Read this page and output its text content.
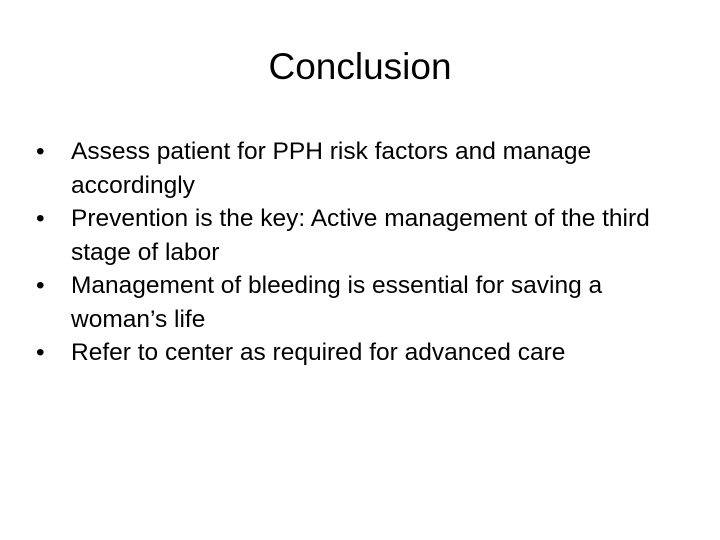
Conclusion
•	Assess patient for PPH risk factors and manage accordingly
•	Prevention is the key: Active management of the third stage of labor
•	Management of bleeding is essential for saving a woman’s life
•	Refer to center as required for advanced care
